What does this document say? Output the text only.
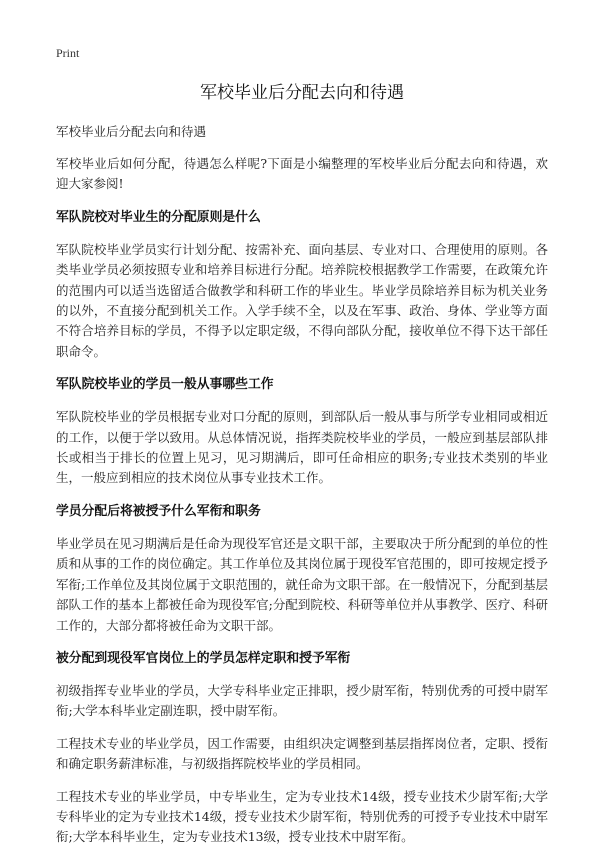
Print
军校毕业后分配去向和待遇
军校毕业后分配去向和待遇

军校毕业后如何分配，待遇怎么样呢?下面是小编整理的军校毕业后分配去向和待遇，欢迎大家参阅!

军队院校对毕业生的分配原则是什么

军队院校毕业学员实行计划分配、按需补充、面向基层、专业对口、合理使用的原则。各类毕业学员必须按照专业和培养目标进行分配。培养院校根据教学工作需要，在政策允许的范围内可以适当选留适合做教学和科研工作的毕业生。毕业学员除培养目标为机关业务的以外，不直接分配到机关工作。入学手续不全，以及在军事、政治、身体、学业等方面不符合培养目标的学员，不得予以定职定级，不得向部队分配，接收单位不得下达干部任职命令。

军队院校毕业的学员一般从事哪些工作

军队院校毕业的学员根据专业对口分配的原则，到部队后一般从事与所学专业相同或相近的工作，以便于学以致用。从总体情况说，指挥类院校毕业的学员，一般应到基层部队排长或相当于排长的位置上见习，见习期满后，即可任命相应的职务;专业技术类别的毕业生，一般应到相应的技术岗位从事专业技术工作。

学员分配后将被授予什么军衔和职务

毕业学员在见习期满后是任命为现役军官还是文职干部，主要取决于所分配到的单位的性质和从事的工作的岗位确定。其工作单位及其岗位属于现役军官范围的，即可按规定授予军衔;工作单位及其岗位属于文职范围的，就任命为文职干部。在一般情况下，分配到基层部队工作的基本上都被任命为现役军官;分配到院校、科研等单位并从事教学、医疗、科研工作的，大部分都将被任命为文职干部。

被分配到现役军官岗位上的学员怎样定职和授予军衔

初级指挥专业毕业的学员，大学专科毕业定正排职，授少尉军衔，特别优秀的可授中尉军衔;大学本科毕业定副连职，授中尉军衔。

工程技术专业的毕业学员，因工作需要，由组织决定调整到基层指挥岗位者，定职、授衔和确定职务薪津标准，与初级指挥院校毕业的学员相同。

工程技术专业的毕业学员，中专毕业生，定为专业技术14级，授专业技术少尉军衔;大学专科毕业的定为专业技术14级，授专业技术少尉军衔，特别优秀的可授予专业技术中尉军衔;大学本科毕业生，定为专业技术13级，授专业技术中尉军衔。
